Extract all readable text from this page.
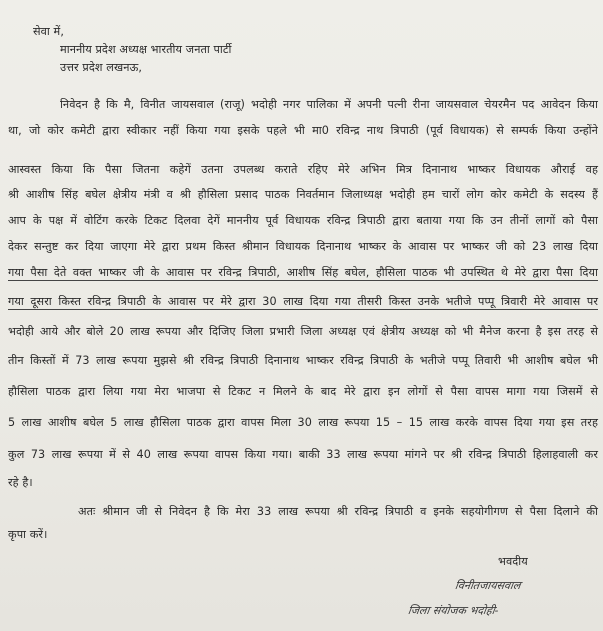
सेवा में,
माननीय प्रदेश अध्यक्ष भारतीय जनता पार्टी
उत्तर प्रदेश लखनऊ,
निवेदन है कि मै, विनीत जायसवाल (राजू) भदोही नगर पालिका में अपनी पत्नी रीना जायसवाल चेयरमैन पद आवेदन किया
था, जो कोर कमेटी द्वारा स्वीकार नहीं किया गया इसके पहले भी मा0 रविन्द्र नाथ त्रिपाठी (पूर्व विधायक) से सम्पर्क किया उन्होंने
आस्वस्त किया कि पैसा जितना कहेगें उतना उपलब्ध कराते रहिए मेरे अभिन मित्र दिनानाथ भाष्कर विधायक औराई वह
श्री आशीष सिंह बघेल क्षेत्रीय मंत्री व श्री हौसिला प्रसाद पाठक निवर्तमान जिलाध्यक्ष भदोही हम चारों लोग कोर कमेटी के सदस्य हैं
आप के पक्ष में वोटिंग करके टिकट दिलवा देगें माननीय पूर्व विधायक रविन्द्र त्रिपाठी द्वारा बताया गया कि उन तीनों लागों को पैसा
देकर सन्तुष्ट कर दिया जाएगा मेरे द्वारा प्रथम किस्त श्रीमान विधायक दिनानाथ भाष्कर के आवास पर भाष्कर जी को 23 लाख दिया
गया पैसा देते वक्त भाष्कर जी के आवास पर रविन्द्र त्रिपाठी, आशीष सिंह बघेल, हौसिला पाठक भी उपस्थित थे मेरे द्वारा पैसा दिया
गया दूसरा किस्त रविन्द्र त्रिपाठी के आवास पर मेरे द्वारा 30 लाख दिया गया तीसरी किस्त उनके भतीजे पप्पू त्रिवारी मेरे आवास पर
भदोही आये और बोले 20 लाख रूपया और दिजिए जिला प्रभारी जिला अध्यक्ष एवं क्षेत्रीय अध्यक्ष को भी मैनेज करना है इस तरह से
तीन किस्तों में 73 लाख रूपया मुझसे श्री रविन्द्र त्रिपाठी दिनानाथ भाष्कर रविन्द्र त्रिपाठी के भतीजे पप्पू तिवारी भी आशीष बघेल भी
हौसिला पाठक द्वारा लिया गया मेरा भाजपा से टिकट न मिलने के बाद मेरे द्वारा इन लोगों से पैसा वापस मागा गया जिसमें से
5 लाख आशीष बघेल 5 लाख हौसिला पाठक द्वारा वापस मिला 30 लाख रूपया 15 – 15 लाख करके वापस दिया गया इस तरह
कुल 73 लाख रूपया में से 40 लाख रूपया वापस किया गया। बाकी 33 लाख रूपया मांगने पर श्री रविन्द्र त्रिपाठी हिलाहवाली कर
रहे है।
अतः श्रीमान जी से निवेदन है कि मेरा 33 लाख रूपया श्री रविन्द्र त्रिपाठी व इनके सहयोगीगण से पैसा दिलाने की
कृपा करें।
भवदीय
विनीतजायसवाल
जिला संयोजक भदोही-
